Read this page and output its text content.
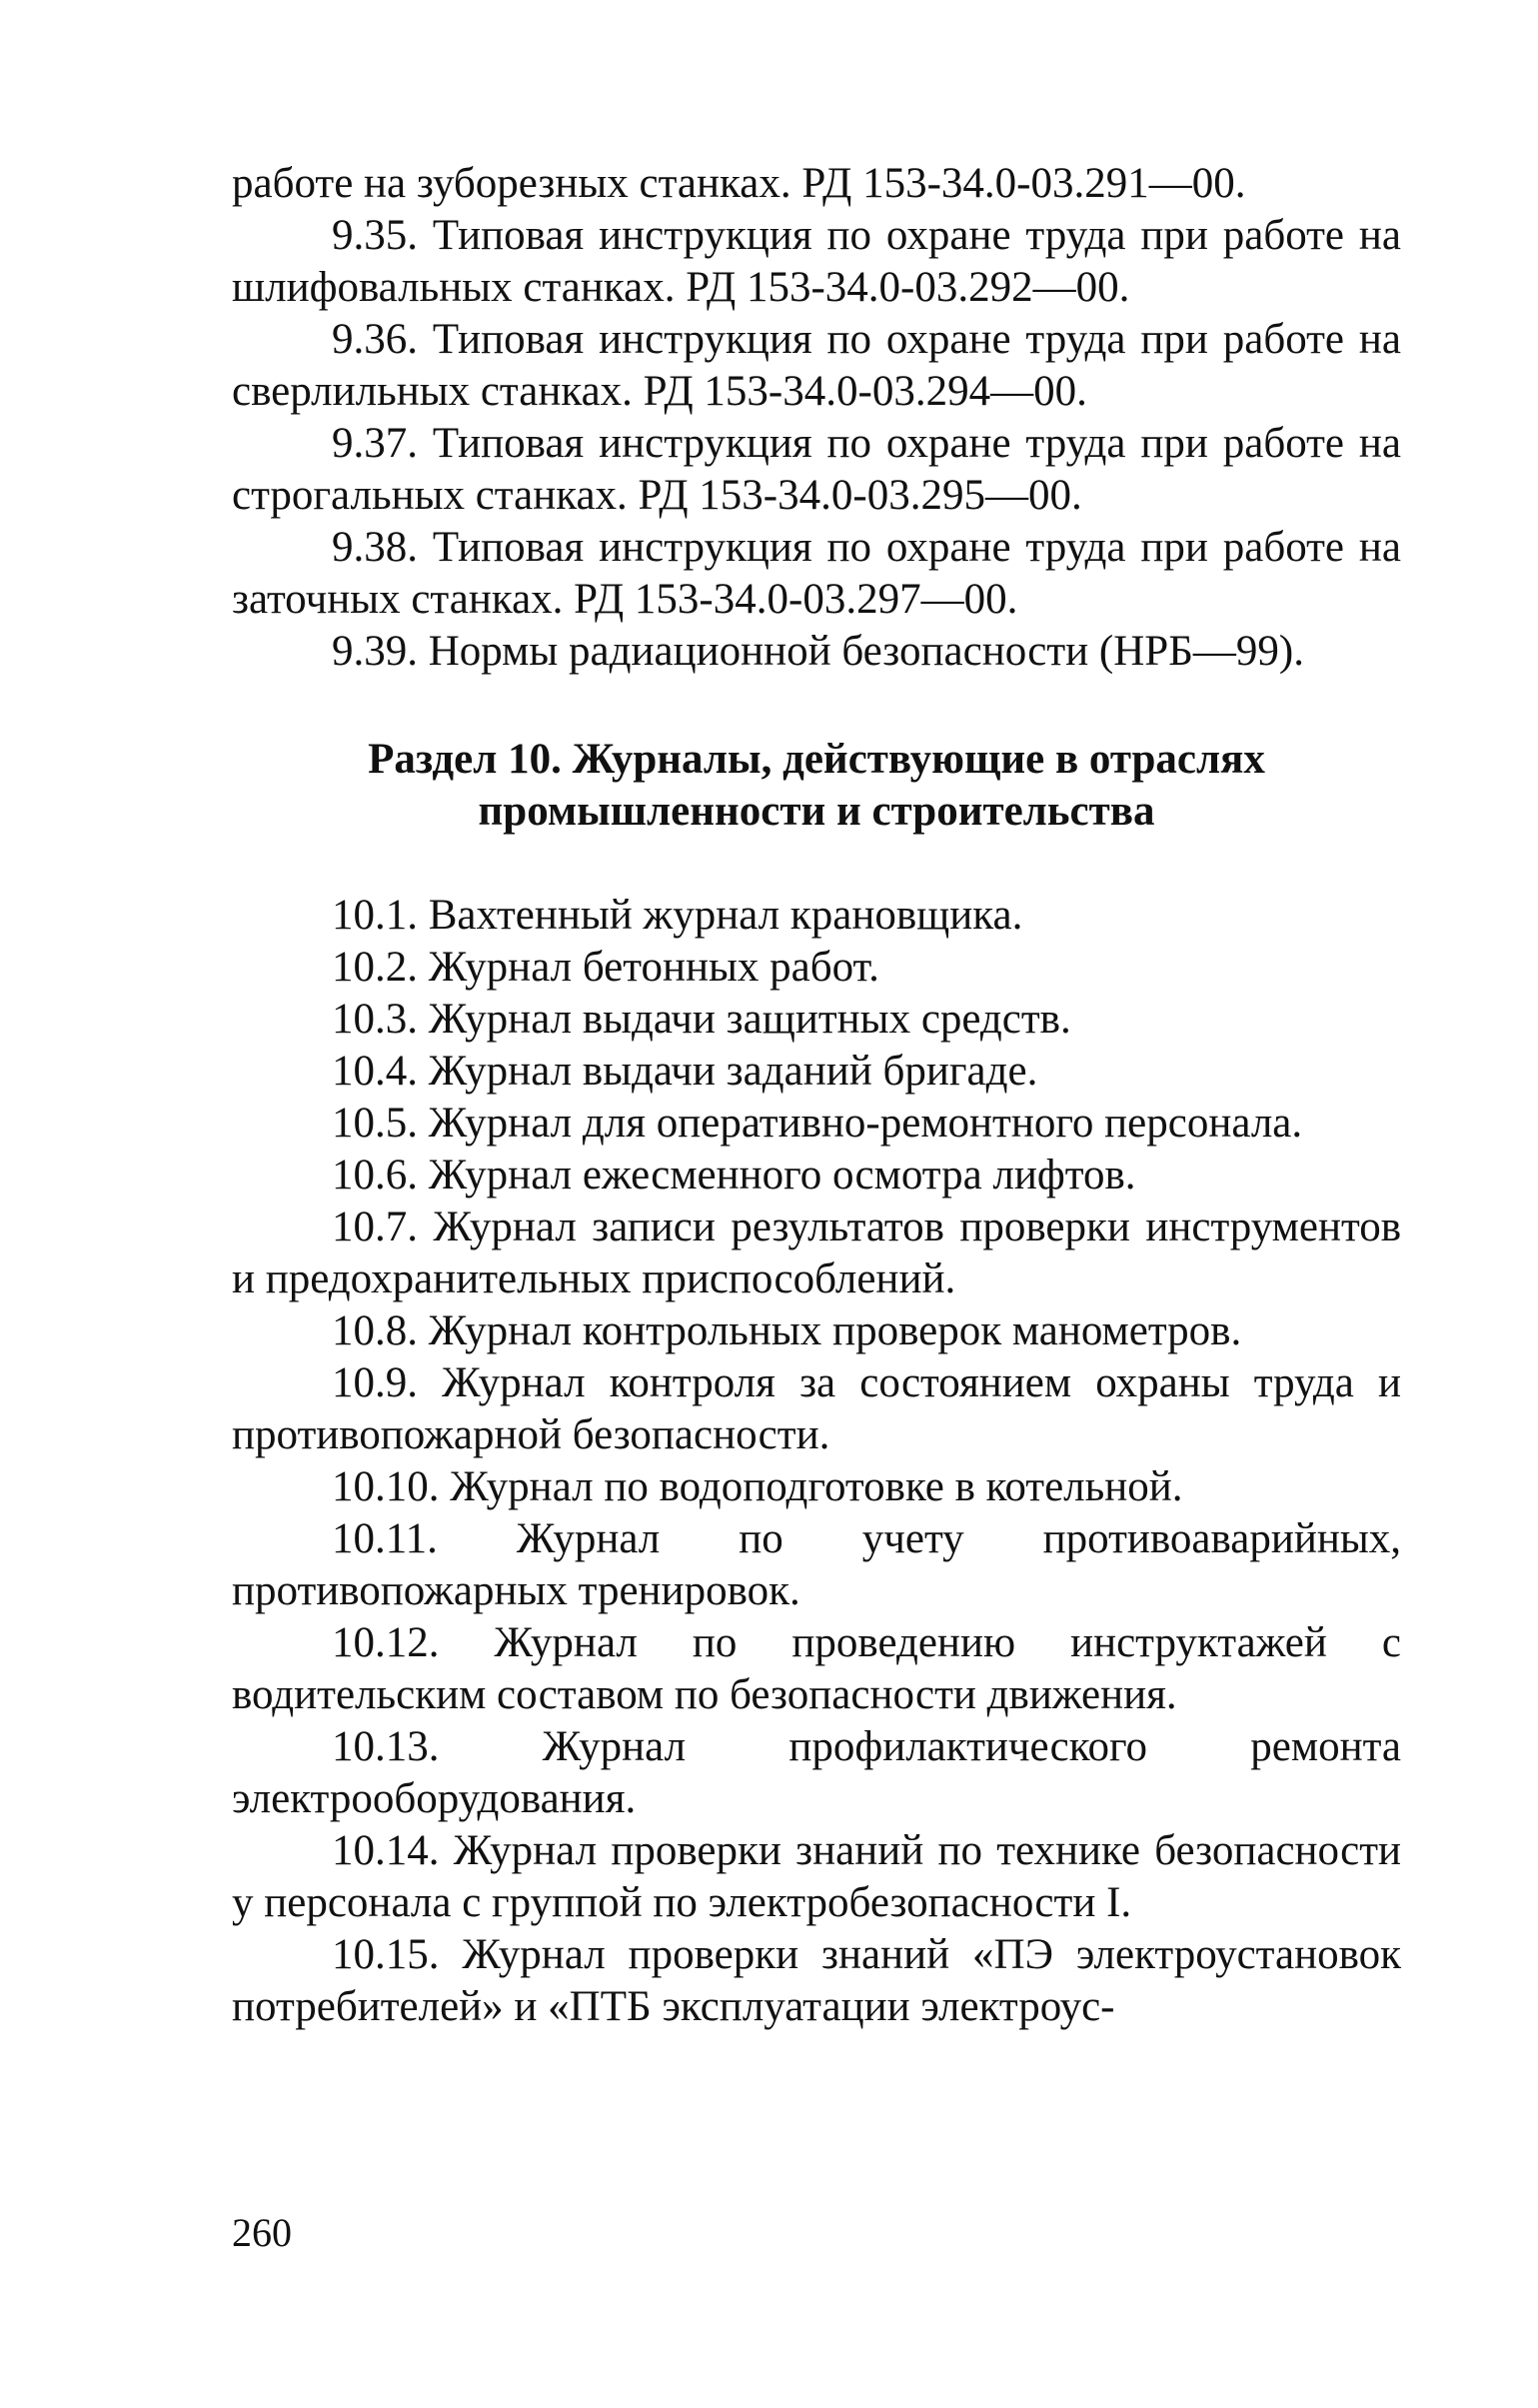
работе на зуборезных станках. РД 153-34.0-03.291—00.

9.35. Типовая инструкция по охране труда при работе на шлифовальных станках. РД 153-34.0-03.292—00.

9.36. Типовая инструкция по охране труда при работе на сверлильных станках. РД 153-34.0-03.294—00.

9.37. Типовая инструкция по охране труда при работе на строгальных станках. РД 153-34.0-03.295—00.

9.38. Типовая инструкция по охране труда при работе на заточных станках. РД 153-34.0-03.297—00.

9.39. Нормы радиационной безопасности (НРБ—99).

Раздел 10. Журналы, действующие в отраслях
промышленности и строительства

10.1. Вахтенный журнал крановщика.

10.2. Журнал бетонных работ.

10.3. Журнал выдачи защитных средств.

10.4. Журнал выдачи заданий бригаде.

10.5. Журнал для оперативно-ремонтного персонала.

10.6. Журнал ежесменного осмотра лифтов.

10.7. Журнал записи результатов проверки инструментов и предохранительных приспособлений.

10.8. Журнал контрольных проверок манометров.

10.9. Журнал контроля за состоянием охраны труда и противопожарной безопасности.

10.10. Журнал по водоподготовке в котельной.

10.11. Журнал по учету противоаварийных, противопожарных тренировок.

10.12. Журнал по проведению инструктажей с водительским составом по безопасности движения.

10.13. Журнал профилактического ремонта электрооборудования.

10.14. Журнал проверки знаний по технике безопасности у персонала с группой по электробезопасности I.

10.15. Журнал проверки знаний «ПЭ электроустановок потребителей» и «ПТБ эксплуатации электроус-

260
